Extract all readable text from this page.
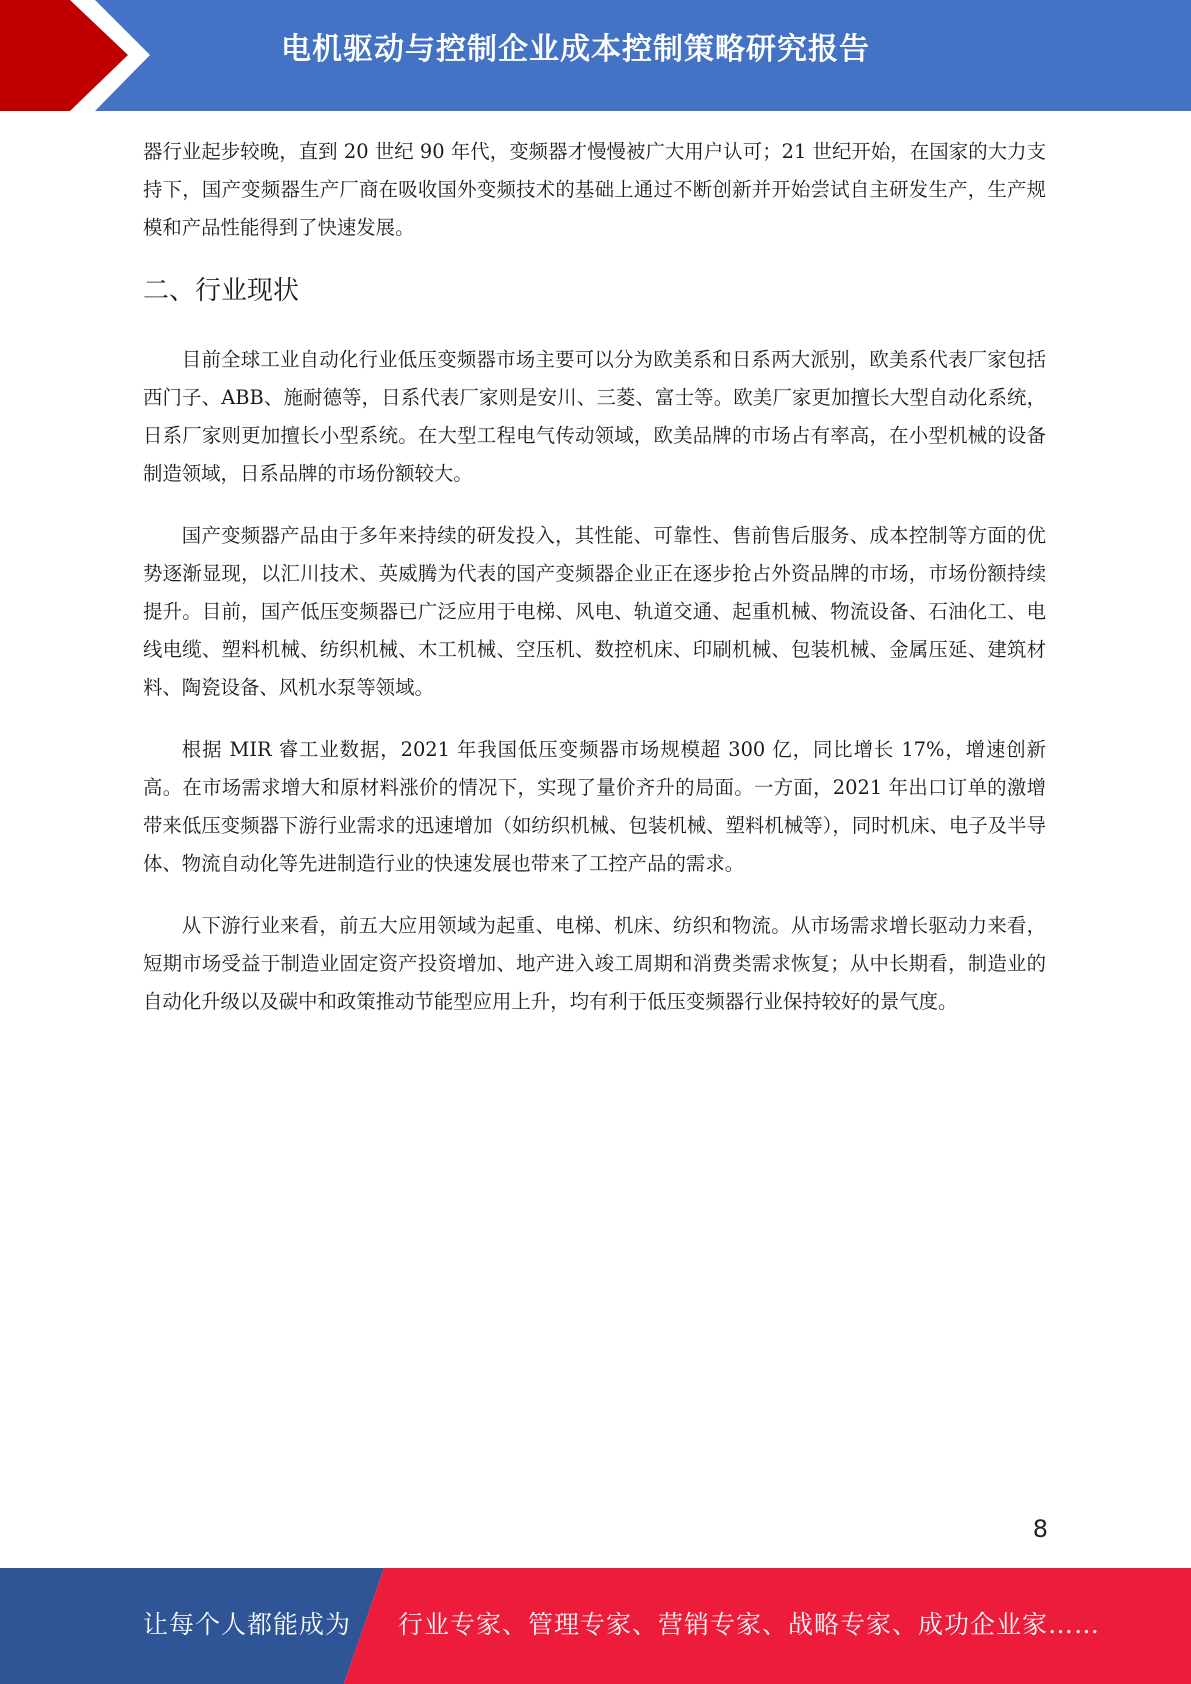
电机驱动与控制企业成本控制策略研究报告

器行业起步较晚，直到 20 世纪 90 年代，变频器才慢慢被广大用户认可；21 世纪开始，在国家的大力支持下，国产变频器生产厂商在吸收国外变频技术的基础上通过不断创新并开始尝试自主研发生产，生产规模和产品性能得到了快速发展。

二、行业现状

目前全球工业自动化行业低压变频器市场主要可以分为欧美系和日系两大派别，欧美系代表厂家包括西门子、ABB、施耐德等，日系代表厂家则是安川、三菱、富士等。欧美厂家更加擅长大型自动化系统，日系厂家则更加擅长小型系统。在大型工程电气传动领域，欧美品牌的市场占有率高，在小型机械的设备制造领域，日系品牌的市场份额较大。

国产变频器产品由于多年来持续的研发投入，其性能、可靠性、售前售后服务、成本控制等方面的优势逐渐显现，以汇川技术、英威腾为代表的国产变频器企业正在逐步抢占外资品牌的市场，市场份额持续提升。目前，国产低压变频器已广泛应用于电梯、风电、轨道交通、起重机械、物流设备、石油化工、电线电缆、塑料机械、纺织机械、木工机械、空压机、数控机床、印刷机械、包装机械、金属压延、建筑材料、陶瓷设备、风机水泵等领域。

根据 MIR 睿工业数据，2021 年我国低压变频器市场规模超 300 亿，同比增长 17%，增速创新高。在市场需求增大和原材料涨价的情况下，实现了量价齐升的局面。一方面，2021 年出口订单的激增带来低压变频器下游行业需求的迅速增加（如纺织机械、包装机械、塑料机械等），同时机床、电子及半导体、物流自动化等先进制造行业的快速发展也带来了工控产品的需求。

从下游行业来看，前五大应用领域为起重、电梯、机床、纺织和物流。从市场需求增长驱动力来看，短期市场受益于制造业固定资产投资增加、地产进入竣工周期和消费类需求恢复；从中长期看，制造业的自动化升级以及碳中和政策推动节能型应用上升，均有利于低压变频器行业保持较好的景气度。

8
让每个人都能成为 行业专家、管理专家、营销专家、战略专家、成功企业家……
